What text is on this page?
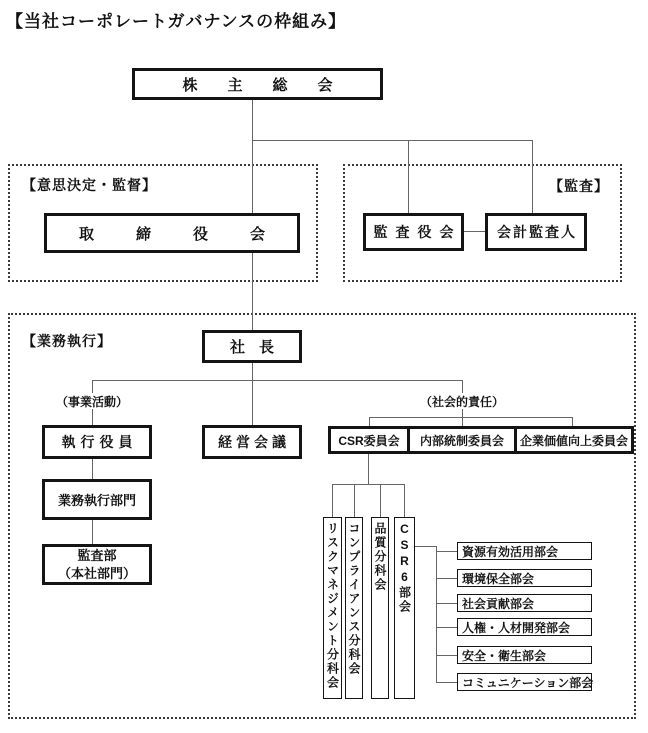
【当社コーポレートガバナンスの枠組み】
【意思決定・監督】	【監査】
【業務執行】
株主総会
取締役会	監査役会	会計監査人
社長
（事業活動）	（社会的責任）
執行役員	経営会議	CSR委員会	内部統制委員会	企業価値向上委員会
業務執行部門
監査部
（本社部門）	リスクマネジメント分科会 コンプライアンス分科会 品質分科会 CSR6部会	資源有効活用部会
環境保全部会
社会貢献部会
人権・人材開発部会
安全・衛生部会
コミュニケーション部会
